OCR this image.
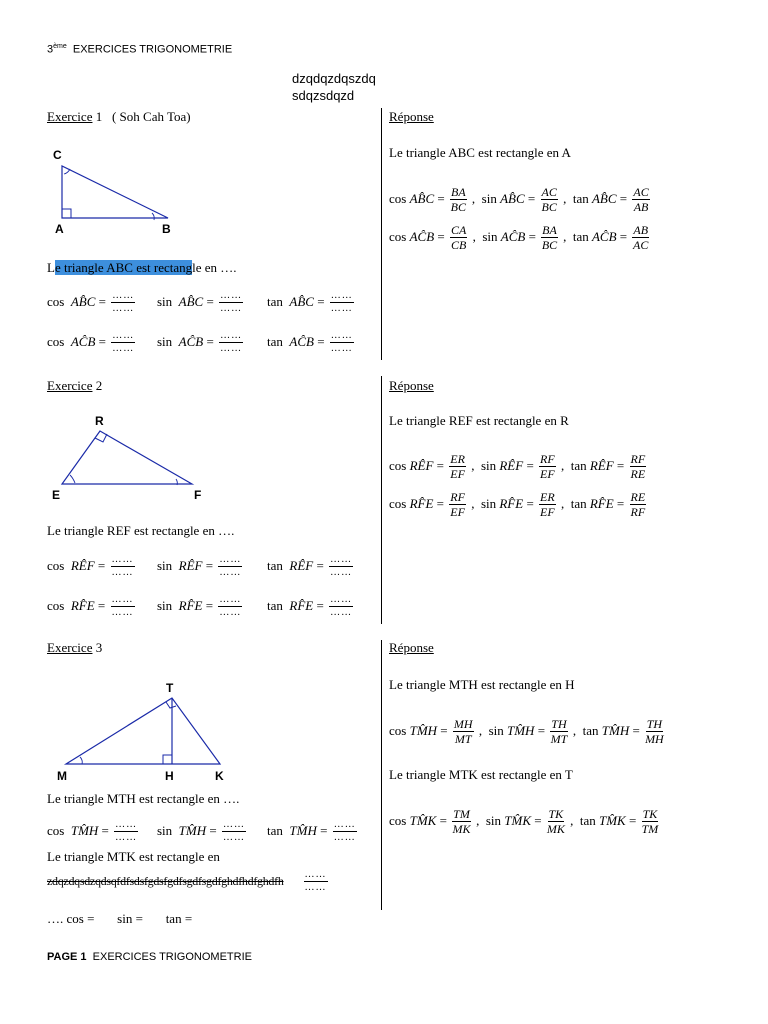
3ème EXERCICES TRIGONOMETRIE
dzqdqzdqszdq
sdqzsdqzd
Exercice 1 ( Soh Cah Toa)
C
A	B
Le triangle ABC est rectangle en ….
cos AB̂C = $\frac{\dots\dots}{\dots\dots}$ sin AB̂C = $\frac{\dots\dots}{\dots\dots}$ tan AB̂C = $\frac{\dots\dots}{\dots\dots}$
cos AĈB = $\frac{\dots\dots}{\dots\dots}$ sin AĈB = $\frac{\dots\dots}{\dots\dots}$ tan AĈB = $\frac{\dots\dots}{\dots\dots}$
Réponse
Le triangle ABC est rectangle en A
cos AB̂C = $\frac{BA}{BC}$ , sin AB̂C = $\frac{AC}{BC}$ , tan AB̂C = $\frac{AC}{AB}$
cos AĈB = $\frac{CA}{CB}$ , sin AĈB = $\frac{BA}{BC}$ , tan AĈB = $\frac{AB}{AC}$
Exercice 2
R
E	F
Le triangle REF est rectangle en ….
cos RÊF = $\frac{\dots\dots}{\dots\dots}$ sin RÊF = $\frac{\dots\dots}{\dots\dots}$ tan RÊF = $\frac{\dots\dots}{\dots\dots}$
cos RF̂E = $\frac{\dots\dots}{\dots\dots}$ sin RF̂E = $\frac{\dots\dots}{\dots\dots}$ tan RF̂E = $\frac{\dots\dots}{\dots\dots}$
Réponse
Le triangle REF est rectangle en R
cos RÊF = $\frac{ER}{EF}$ , sin RÊF = $\frac{RF}{EF}$ , tan RÊF = $\frac{RF}{RE}$
cos RF̂E = $\frac{RF}{EF}$ , sin RF̂E = $\frac{ER}{EF}$ , tan RF̂E = $\frac{RE}{RF}$
Exercice 3
T
M	H	K
Le triangle MTH est rectangle en ….
cos TM̂H = $\frac{\dots\dots}{\dots\dots}$ sin TM̂H = $\frac{\dots\dots}{\dots\dots}$ tan TM̂H = $\frac{\dots\dots}{\dots\dots}$
Le triangle MTK est rectangle en
zdqzdqsdzqdsqfdfsdsfgdsfgdfsgdfsgdfghdfhdfghdfh $\frac{\dots\dots}{\dots\dots}$
…. cos = sin = tan =
Réponse
Le triangle MTH est rectangle en H
cos TM̂H = $\frac{MH}{MT}$ , sin TM̂H = $\frac{TH}{MT}$ , tan TM̂H = $\frac{TH}{MH}$
Le triangle MTK est rectangle en T
cos TM̂K = $\frac{TM}{MK}$ , sin TM̂K = $\frac{TK}{MK}$ , tan TM̂K = $\frac{TK}{TM}$
PAGE 1 EXERCICES TRIGONOMETRIE
